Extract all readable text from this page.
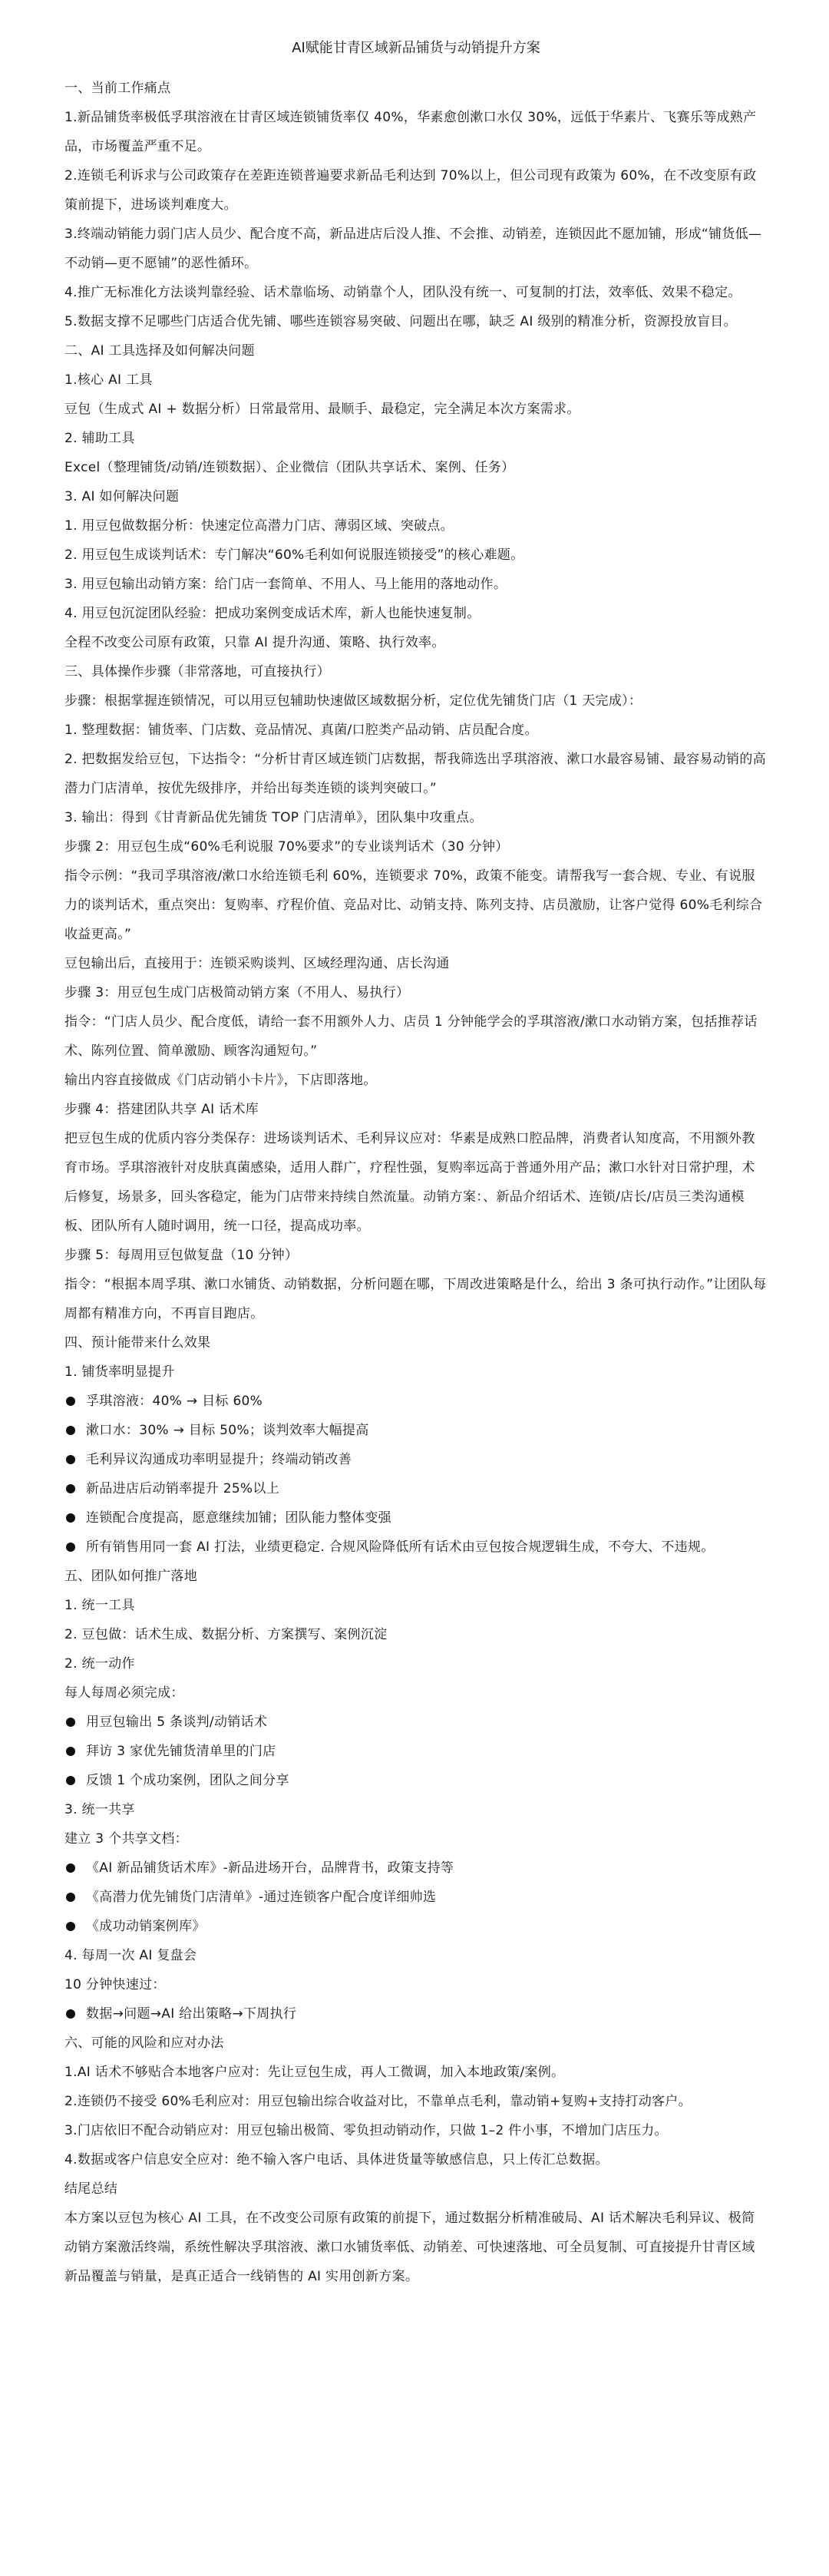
AI赋能甘青区域新品铺货与动销提升方案
一、当前工作痛点
1.新品铺货率极低孚琪溶液在甘青区域连锁铺货率仅 40%，华素愈创漱口水仅 30%，远低于华素片、飞赛乐等成熟产品，市场覆盖严重不足。
2.连锁毛利诉求与公司政策存在差距连锁普遍要求新品毛利达到 70%以上，但公司现有政策为 60%，在不改变原有政策前提下，进场谈判难度大。
3.终端动销能力弱门店人员少、配合度不高，新品进店后没人推、不会推、动销差，连锁因此不愿加铺，形成“铺货低—不动销—更不愿铺”的恶性循环。
4.推广无标准化方法谈判靠经验、话术靠临场、动销靠个人，团队没有统一、可复制的打法，效率低、效果不稳定。
5.数据支撑不足哪些门店适合优先铺、哪些连锁容易突破、问题出在哪，缺乏 AI 级别的精准分析，资源投放盲目。
二、AI 工具选择及如何解决问题
1.核心 AI 工具
豆包（生成式 AI + 数据分析）日常最常用、最顺手、最稳定，完全满足本次方案需求。
2. 辅助工具
Excel（整理铺货/动销/连锁数据）、企业微信（团队共享话术、案例、任务）
3. AI 如何解决问题
1. 用豆包做数据分析：快速定位高潜力门店、薄弱区域、突破点。
2. 用豆包生成谈判话术：专门解决“60%毛利如何说服连锁接受”的核心难题。
3. 用豆包输出动销方案：给门店一套简单、不用人、马上能用的落地动作。
4. 用豆包沉淀团队经验：把成功案例变成话术库，新人也能快速复制。
全程不改变公司原有政策，只靠 AI 提升沟通、策略、执行效率。
三、具体操作步骤（非常落地，可直接执行）
步骤：根据掌握连锁情况，可以用豆包辅助快速做区域数据分析，定位优先铺货门店（1 天完成）：
1. 整理数据：铺货率、门店数、竞品情况、真菌/口腔类产品动销、店员配合度。
2. 把数据发给豆包，下达指令：“分析甘青区域连锁门店数据，帮我筛选出孚琪溶液、漱口水最容易铺、最容易动销的高潜力门店清单，按优先级排序，并给出每类连锁的谈判突破口。”
3. 输出：得到《甘青新品优先铺货 TOP 门店清单》，团队集中攻重点。
步骤 2：用豆包生成“60%毛利说服 70%要求”的专业谈判话术（30 分钟）
指令示例：“我司孚琪溶液/漱口水给连锁毛利 60%，连锁要求 70%，政策不能变。请帮我写一套合规、专业、有说服力的谈判话术，重点突出：复购率、疗程价值、竞品对比、动销支持、陈列支持、店员激励，让客户觉得 60%毛利综合收益更高。”
豆包输出后，直接用于：连锁采购谈判、区域经理沟通、店长沟通
步骤 3：用豆包生成门店极简动销方案（不用人、易执行）
指令：“门店人员少、配合度低，请给一套不用额外人力、店员 1 分钟能学会的孚琪溶液/漱口水动销方案，包括推荐话术、陈列位置、简单激励、顾客沟通短句。”
输出内容直接做成《门店动销小卡片》，下店即落地。
步骤 4：搭建团队共享 AI 话术库
把豆包生成的优质内容分类保存：进场谈判话术、毛利异议应对：华素是成熟口腔品牌，消费者认知度高，不用额外教育市场。孚琪溶液针对皮肤真菌感染，适用人群广，疗程性强，复购率远高于普通外用产品；漱口水针对日常护理，术后修复，场景多，回头客稳定，能为门店带来持续自然流量。动销方案：、新品介绍话术、连锁/店长/店员三类沟通模板、团队所有人随时调用，统一口径，提高成功率。
步骤 5：每周用豆包做复盘（10 分钟）
指令：“根据本周孚琪、漱口水铺货、动销数据，分析问题在哪，下周改进策略是什么，给出 3 条可执行动作。”让团队每周都有精准方向，不再盲目跑店。
四、预计能带来什么效果
1. 铺货率明显提升
孚琪溶液：40% → 目标 60%
漱口水：30% → 目标 50%；谈判效率大幅提高
毛利异议沟通成功率明显提升；终端动销改善
新品进店后动销率提升 25%以上
连锁配合度提高，愿意继续加铺；团队能力整体变强
所有销售用同一套 AI 打法，业绩更稳定. 合规风险降低所有话术由豆包按合规逻辑生成，不夸大、不违规。
五、团队如何推广落地
1. 统一工具
2. 豆包做：话术生成、数据分析、方案撰写、案例沉淀
2. 统一动作
每人每周必须完成：
用豆包输出 5 条谈判/动销话术
拜访 3 家优先铺货清单里的门店
反馈 1 个成功案例，团队之间分享
3. 统一共享
建立 3 个共享文档：
《AI 新品铺货话术库》-新品进场开台，品牌背书，政策支持等
《高潜力优先铺货门店清单》-通过连锁客户配合度详细帅选
《成功动销案例库》
4. 每周一次 AI 复盘会
10 分钟快速过：
数据→问题→AI 给出策略→下周执行
六、可能的风险和应对办法
1.AI 话术不够贴合本地客户应对：先让豆包生成，再人工微调，加入本地政策/案例。
2.连锁仍不接受 60%毛利应对：用豆包输出综合收益对比，不靠单点毛利，靠动销+复购+支持打动客户。
3.门店依旧不配合动销应对：用豆包输出极简、零负担动销动作，只做 1–2 件小事，不增加门店压力。
4.数据或客户信息安全应对：绝不输入客户电话、具体进货量等敏感信息，只上传汇总数据。
结尾总结
本方案以豆包为核心 AI 工具，在不改变公司原有政策的前提下，通过数据分析精准破局、AI 话术解决毛利异议、极简动销方案激活终端，系统性解决孚琪溶液、漱口水铺货率低、动销差、可快速落地、可全员复制、可直接提升甘青区域新品覆盖与销量，是真正适合一线销售的 AI 实用创新方案。
